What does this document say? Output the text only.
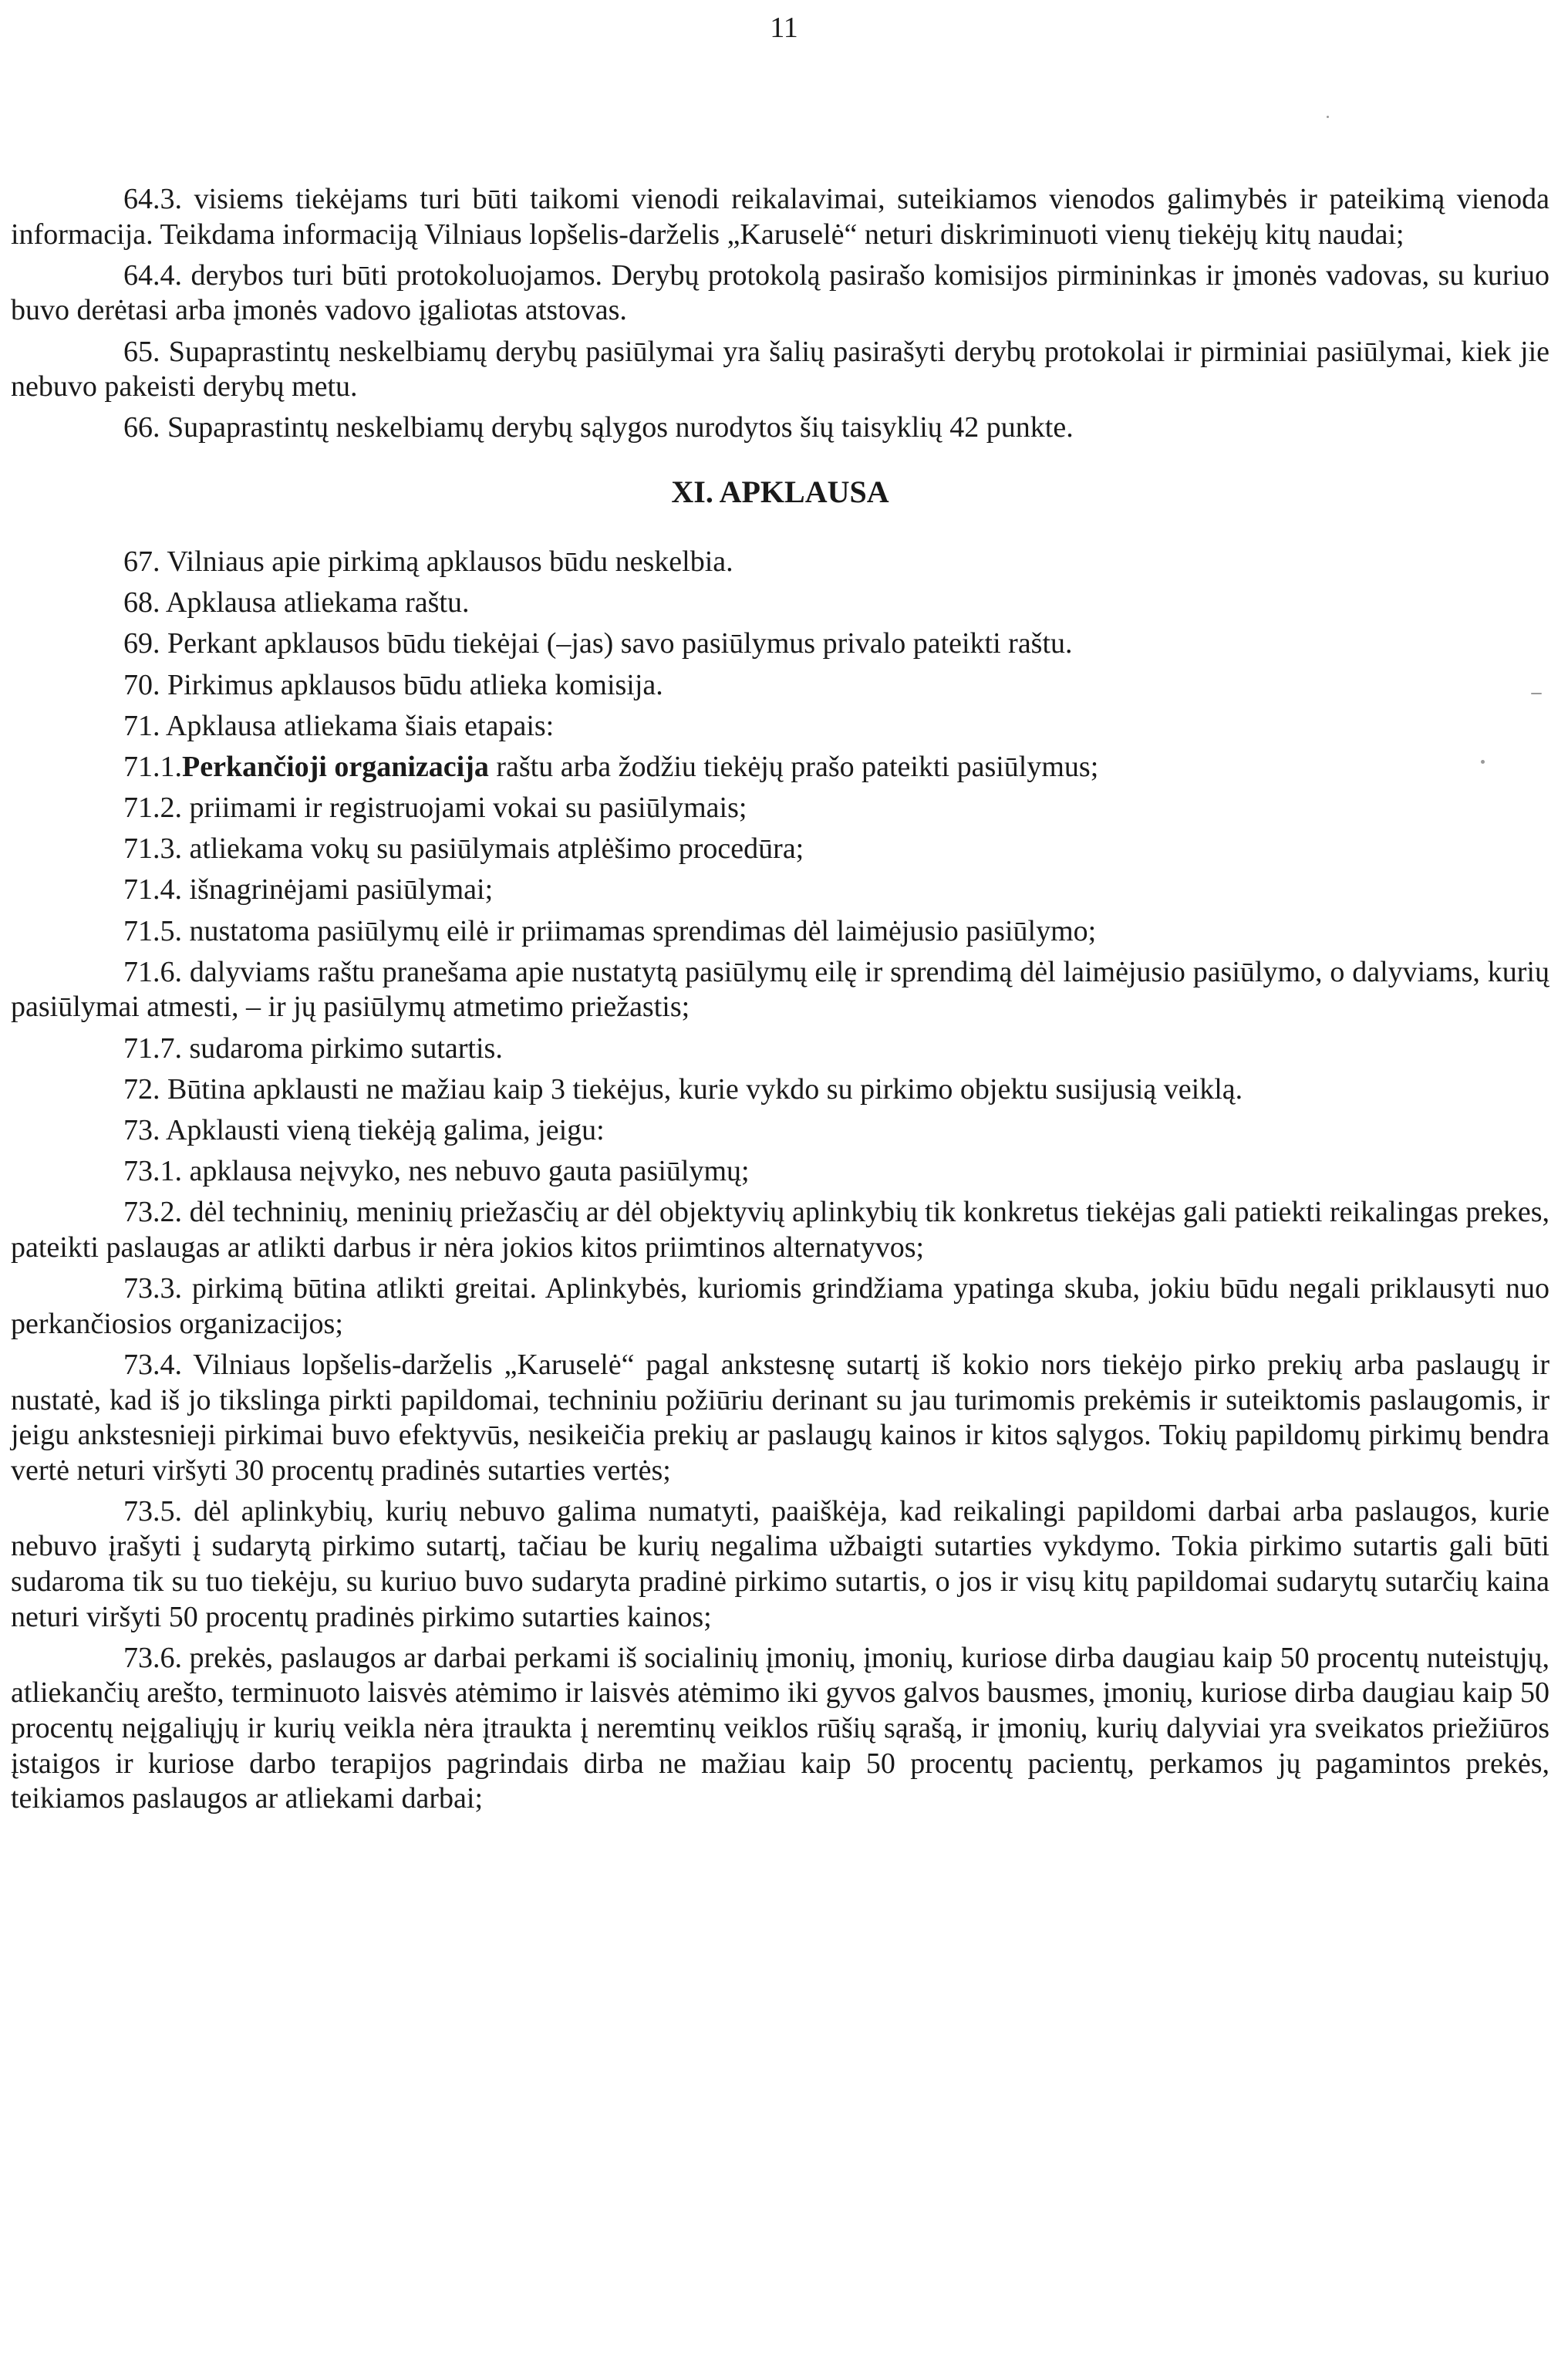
11

64.3. visiems tiekėjams turi būti taikomi vienodi reikalavimai, suteikiamos vienodos galimybės ir pateikimą vienoda informacija. Teikdama informaciją Vilniaus lopšelis-darželis „Karuselė“ neturi diskriminuoti vienų tiekėjų kitų naudai;

64.4. derybos turi būti protokoluojamos. Derybų protokolą pasirašo komisijos pirmininkas ir įmonės vadovas, su kuriuo buvo derėtasi arba įmonės vadovo įgaliotas atstovas.

65. Supaprastintų neskelbiamų derybų pasiūlymai yra šalių pasirašyti derybų protokolai ir pirminiai pasiūlymai, kiek jie nebuvo pakeisti derybų metu.

66. Supaprastintų neskelbiamų derybų sąlygos nurodytos šių taisyklių 42 punkte.

XI. APKLAUSA

67. Vilniaus apie pirkimą apklausos būdu neskelbia.

68. Apklausa atliekama raštu.

69. Perkant apklausos būdu tiekėjai (–jas) savo pasiūlymus privalo pateikti raštu.

70. Pirkimus apklausos būdu atlieka komisija.

71. Apklausa atliekama šiais etapais:

71.1.Perkančioji organizacija raštu arba žodžiu tiekėjų prašo pateikti pasiūlymus;

71.2. priimami ir registruojami vokai su pasiūlymais;

71.3. atliekama vokų su pasiūlymais atplėšimo procedūra;

71.4. išnagrinėjami pasiūlymai;

71.5. nustatoma pasiūlymų eilė ir priimamas sprendimas dėl laimėjusio pasiūlymo;

71.6. dalyviams raštu pranešama apie nustatytą pasiūlymų eilę ir sprendimą dėl laimėjusio pasiūlymo, o dalyviams, kurių pasiūlymai atmesti, – ir jų pasiūlymų atmetimo priežastis;

71.7. sudaroma pirkimo sutartis.

72. Būtina apklausti ne mažiau kaip 3 tiekėjus, kurie vykdo su pirkimo objektu susijusią veiklą.

73. Apklausti vieną tiekėją galima, jeigu:

73.1. apklausa neįvyko, nes nebuvo gauta pasiūlymų;

73.2. dėl techninių, meninių priežasčių ar dėl objektyvių aplinkybių tik konkretus tiekėjas gali patiekti reikalingas prekes, pateikti paslaugas ar atlikti darbus ir nėra jokios kitos priimtinos alternatyvos;

73.3. pirkimą būtina atlikti greitai. Aplinkybės, kuriomis grindžiama ypatinga skuba, jokiu būdu negali priklausyti nuo perkančiosios organizacijos;

73.4. Vilniaus lopšelis-darželis „Karuselė“ pagal ankstesnę sutartį iš kokio nors tiekėjo pirko prekių arba paslaugų ir nustatė, kad iš jo tikslinga pirkti papildomai, techniniu požiūriu derinant su jau turimomis prekėmis ir suteiktomis paslaugomis, ir jeigu ankstesnieji pirkimai buvo efektyvūs, nesikeičia prekių ar paslaugų kainos ir kitos sąlygos. Tokių papildomų pirkimų bendra vertė neturi viršyti 30 procentų pradinės sutarties vertės;

73.5. dėl aplinkybių, kurių nebuvo galima numatyti, paaiškėja, kad reikalingi papildomi darbai arba paslaugos, kurie nebuvo įrašyti į sudarytą pirkimo sutartį, tačiau be kurių negalima užbaigti sutarties vykdymo. Tokia pirkimo sutartis gali būti sudaroma tik su tuo tiekėju, su kuriuo buvo sudaryta pradinė pirkimo sutartis, o jos ir visų kitų papildomai sudarytų sutarčių kaina neturi viršyti 50 procentų pradinės pirkimo sutarties kainos;

73.6. prekės, paslaugos ar darbai perkami iš socialinių įmonių, įmonių, kuriose dirba daugiau kaip 50 procentų nuteistųjų, atliekančių arešto, terminuoto laisvės atėmimo ir laisvės atėmimo iki gyvos galvos bausmes, įmonių, kuriose dirba daugiau kaip 50 procentų neįgaliųjų ir kurių veikla nėra įtraukta į neremtinų veiklos rūšių sąrašą, ir įmonių, kurių dalyviai yra sveikatos priežiūros įstaigos ir kuriose darbo terapijos pagrindais dirba ne mažiau kaip 50 procentų pacientų, perkamos jų pagamintos prekės, teikiamos paslaugos ar atliekami darbai;
